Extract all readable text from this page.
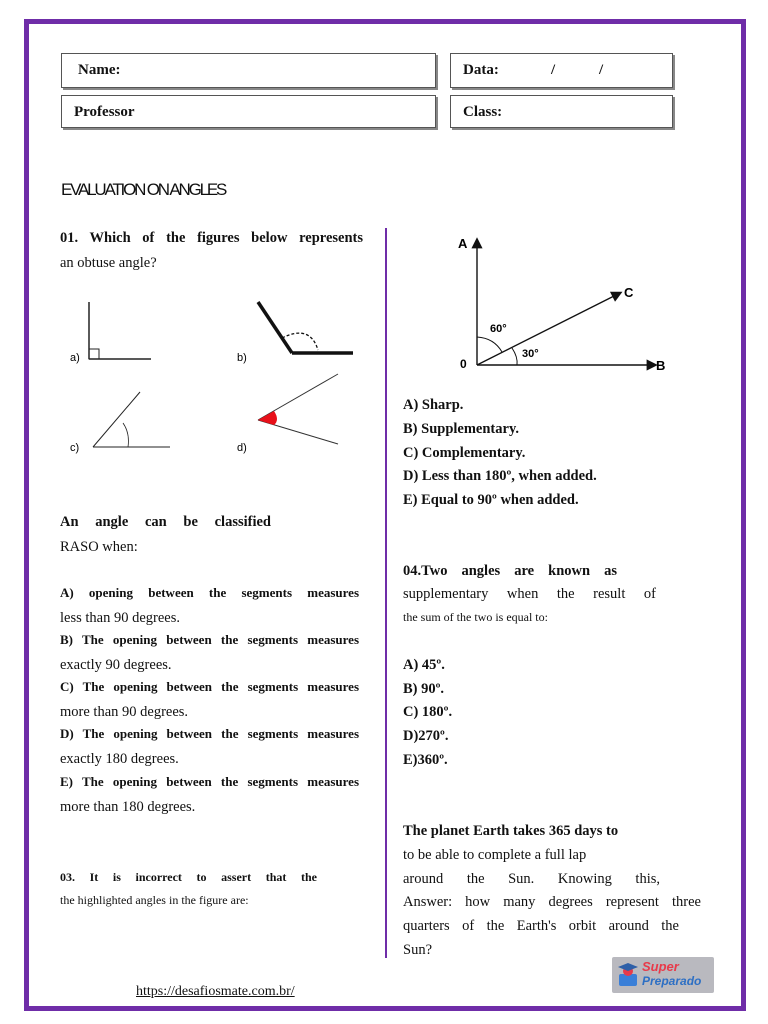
Name:	Data:	/	/
Professor	Class:
EVALUATION ON ANGLES
01. Which of the figures below represents
an obtuse angle?
a)	b)
c)	d)
An angle can be classified
RASO when:
A) opening between the segments measures
less than 90 degrees.
B) The opening between the segments measures
exactly 90 degrees.
C) The opening between the segments measures
more than 90 degrees.
D) The opening between the segments measures
exactly 180 degrees.
E) The opening between the segments measures
more than 180 degrees.
03. It is incorrect to assert that the
the highlighted angles in the figure are:
A
B
C
0
60°
30°
A) Sharp.
B) Supplementary.
C) Complementary.
D) Less than 180º, when added.
E) Equal to 90º when added.
04.Two angles are known as
supplementary when the result of
the sum of the two is equal to:
A) 45º.
B) 90º.
C) 180º.
D)270º.
E)360º.
The planet Earth takes 365 days to
to be able to complete a full lap
around the Sun. Knowing this,
Answer: how many degrees represent three
quarters of the Earth's orbit around the
Sun?
https://desafiosmate.com.br/
Super
Preparado
